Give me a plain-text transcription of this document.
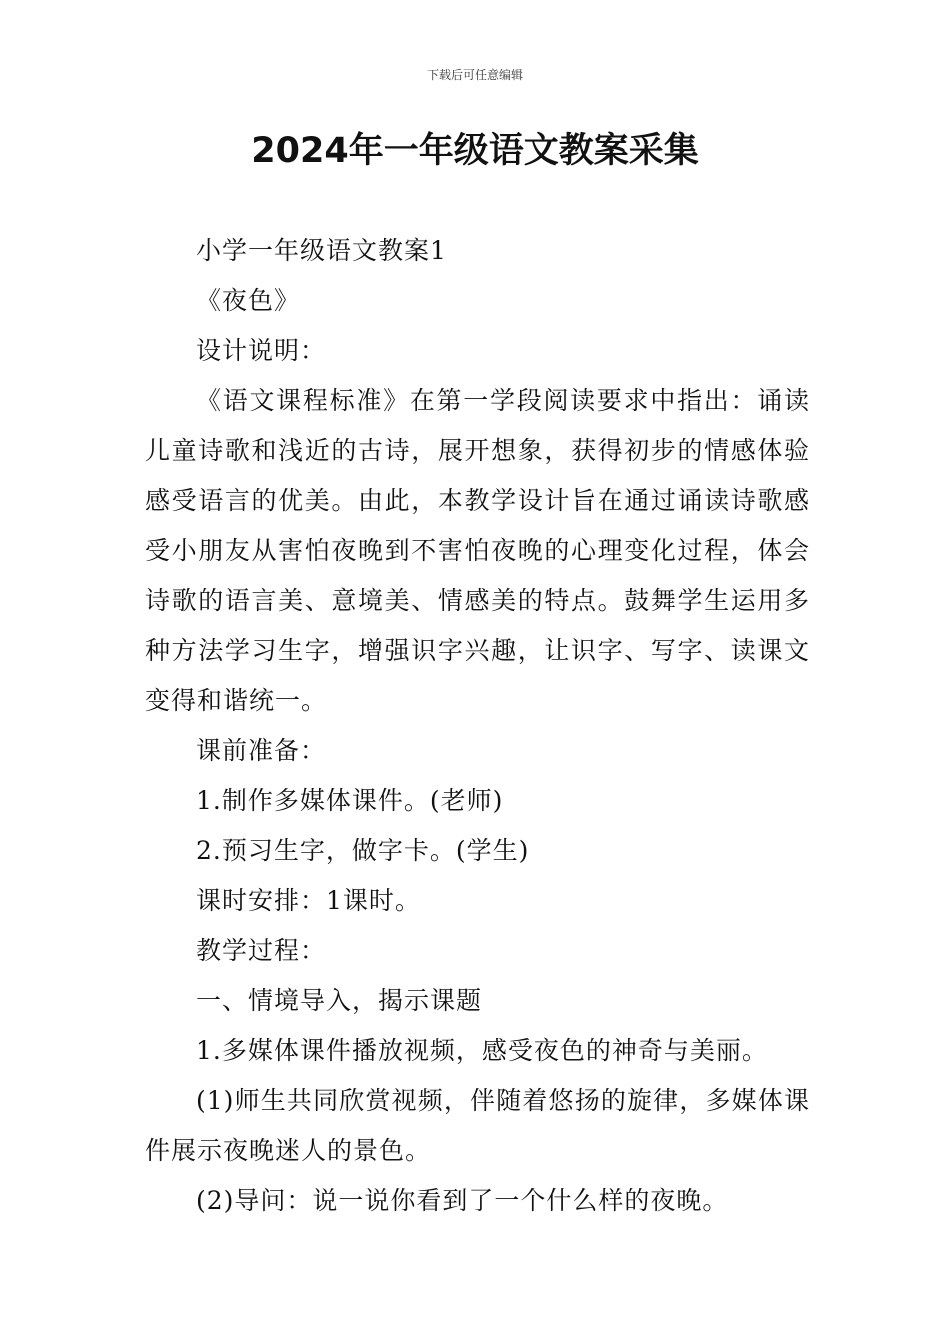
下载后可任意编辑
2024年一年级语文教案采集

小学一年级语文教案1

《夜色》

设计说明：

《语文课程标准》在第一学段阅读要求中指出：诵读儿童诗歌和浅近的古诗，展开想象，获得初步的情感体验感受语言的优美。由此，本教学设计旨在通过诵读诗歌感受小朋友从害怕夜晚到不害怕夜晚的心理变化过程，体会诗歌的语言美、意境美、情感美的特点。鼓舞学生运用多种方法学习生字，增强识字兴趣，让识字、写字、读课文变得和谐统一。

课前准备：

1.制作多媒体课件。(老师)

2.预习生字，做字卡。(学生)

课时安排：1课时。

教学过程：

一、情境导入，揭示课题

1.多媒体课件播放视频，感受夜色的神奇与美丽。

(1)师生共同欣赏视频，伴随着悠扬的旋律，多媒体课件展示夜晚迷人的景色。

(2)导问：说一说你看到了一个什么样的夜晚。
